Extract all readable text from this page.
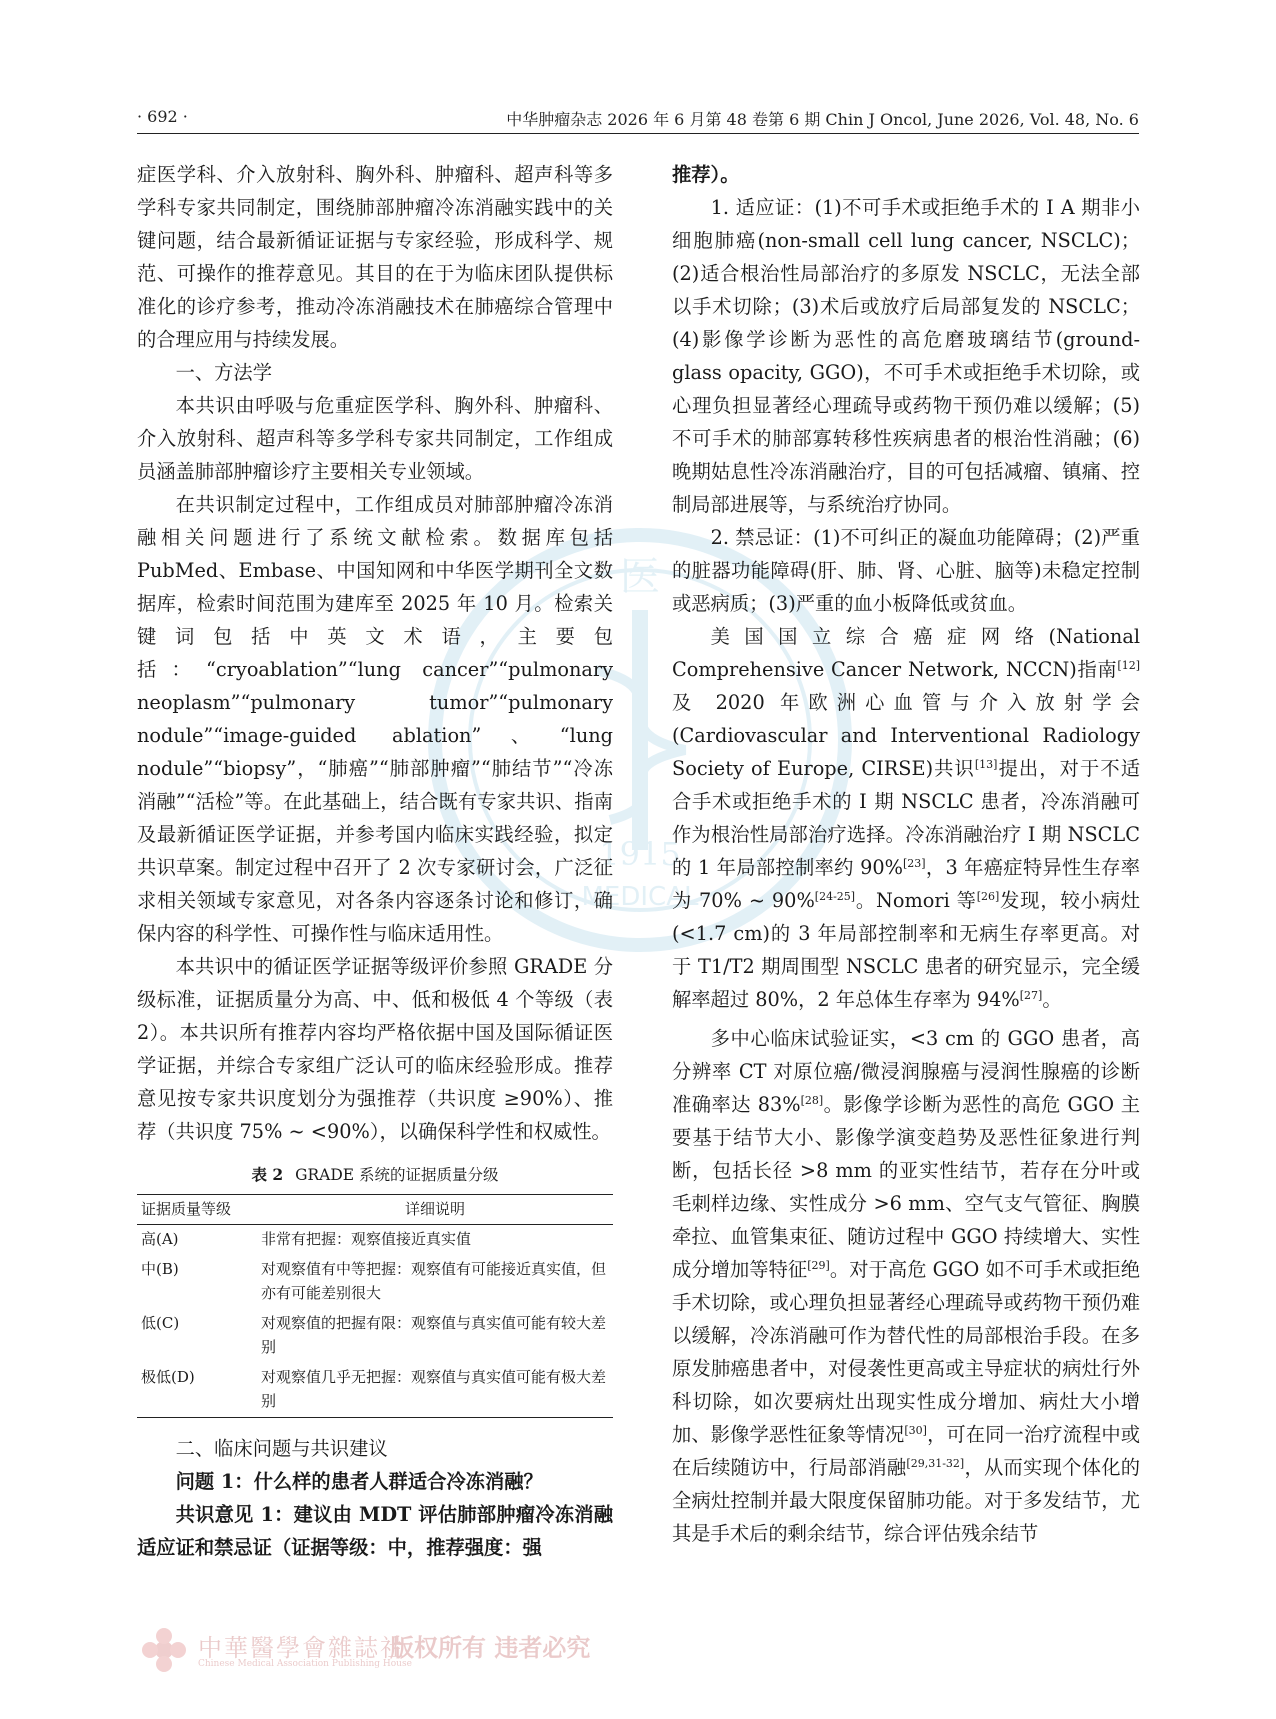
· 692 ·	中华肿瘤杂志 2026 年 6 月第 48 卷第 6 期 Chin J Oncol, June 2026, Vol. 48, No. 6
医
1915
MEDICAL

症医学科、介入放射科、胸外科、肿瘤科、超声科等多学科专家共同制定，围绕肺部肿瘤冷冻消融实践中的关键问题，结合最新循证证据与专家经验，形成科学、规范、可操作的推荐意见。其目的在于为临床团队提供标准化的诊疗参考，推动冷冻消融技术在肺癌综合管理中的合理应用与持续发展。

一、方法学

本共识由呼吸与危重症医学科、胸外科、肿瘤科、介入放射科、超声科等多学科专家共同制定，工作组成员涵盖肺部肿瘤诊疗主要相关专业领域。

在共识制定过程中，工作组成员对肺部肿瘤冷冻消融相关问题进行了系统文献检索。数据库包括 PubMed、Embase、中国知网和中华医学期刊全文数据库，检索时间范围为建库至 2025 年 10 月。检索关键词包括中英文术语，主要包括：“cryoablation”“lung cancer”“pulmonary neoplasm”“pulmonary tumor”“pulmonary nodule”“image-guided ablation”、“lung nodule”“biopsy”，“肺癌”“肺部肿瘤”“肺结节”“冷冻消融”“活检”等。在此基础上，结合既有专家共识、指南及最新循证医学证据，并参考国内临床实践经验，拟定共识草案。制定过程中召开了 2 次专家研讨会，广泛征求相关领域专家意见，对各条内容逐条讨论和修订，确保内容的科学性、可操作性与临床适用性。

本共识中的循证医学证据等级评价参照 GRADE 分级标准，证据质量分为高、中、低和极低 4 个等级（表 2）。本共识所有推荐内容均严格依据中国及国际循证医学证据，并综合专家组广泛认可的临床经验形成。推荐意见按专家共识度划分为强推荐（共识度 ≥90%）、推荐（共识度 75% ~ <90%），以确保科学性和权威性。

表 2 GRADE 系统的证据质量分级
证据质量等级	详细说明
高(A)	非常有把握：观察值接近真实值
中(B)	对观察值有中等把握：观察值有可能接近真实值，但亦有可能差别很大
低(C)	对观察值的把握有限：观察值与真实值可能有较大差别
极低(D)	对观察值几乎无把握：观察值与真实值可能有极大差别

二、临床问题与共识建议

问题 1：什么样的患者人群适合冷冻消融？

共识意见 1：建议由 MDT 评估肺部肿瘤冷冻消融适应证和禁忌证（证据等级：中，推荐强度：强

推荐）。

1. 适应证：(1)不可手术或拒绝手术的 Ⅰ A 期非小细胞肺癌(non-small cell lung cancer, NSCLC)；(2)适合根治性局部治疗的多原发 NSCLC，无法全部以手术切除；(3)术后或放疗后局部复发的 NSCLC；(4)影像学诊断为恶性的高危磨玻璃结节(ground-glass opacity, GGO)，不可手术或拒绝手术切除，或心理负担显著经心理疏导或药物干预仍难以缓解；(5)不可手术的肺部寡转移性疾病患者的根治性消融；(6)晚期姑息性冷冻消融治疗，目的可包括减瘤、镇痛、控制局部进展等，与系统治疗协同。

2. 禁忌证：(1)不可纠正的凝血功能障碍；(2)严重的脏器功能障碍(肝、肺、肾、心脏、脑等)未稳定控制或恶病质；(3)严重的血小板降低或贫血。

美国国立综合癌症网络(National Comprehensive Cancer Network, NCCN)指南[12]及 2020 年欧洲心血管与介入放射学会(Cardiovascular and Interventional Radiology Society of Europe, CIRSE)共识[13]提出，对于不适合手术或拒绝手术的 Ⅰ 期 NSCLC 患者，冷冻消融可作为根治性局部治疗选择。冷冻消融治疗 Ⅰ 期 NSCLC 的 1 年局部控制率约 90%[23]，3 年癌症特异性生存率为 70% ~ 90%[24-25]。Nomori 等[26]发现，较小病灶(<1.7 cm)的 3 年局部控制率和无病生存率更高。对于 T1/T2 期周围型 NSCLC 患者的研究显示，完全缓解率超过 80%，2 年总体生存率为 94%[27]。

多中心临床试验证实，<3 cm 的 GGO 患者，高分辨率 CT 对原位癌/微浸润腺癌与浸润性腺癌的诊断准确率达 83%[28]。影像学诊断为恶性的高危 GGO 主要基于结节大小、影像学演变趋势及恶性征象进行判断，包括长径 >8 mm 的亚实性结节，若存在分叶或毛刺样边缘、实性成分 >6 mm、空气支气管征、胸膜牵拉、血管集束征、随访过程中 GGO 持续增大、实性成分增加等特征[29]。对于高危 GGO 如不可手术或拒绝手术切除，或心理负担显著经心理疏导或药物干预仍难以缓解，冷冻消融可作为替代性的局部根治手段。在多原发肺癌患者中，对侵袭性更高或主导症状的病灶行外科切除，如次要病灶出现实性成分增加、病灶大小增加、影像学恶性征象等情况[30]，可在同一治疗流程中或在后续随访中，行局部消融[29,31-32]，从而实现个体化的全病灶控制并最大限度保留肺功能。对于多发结节，尤其是手术后的剩余结节，综合评估残余结节

中華醫學會雜誌社
Chinese Medical Association Publishing House
版权所有 违者必究
